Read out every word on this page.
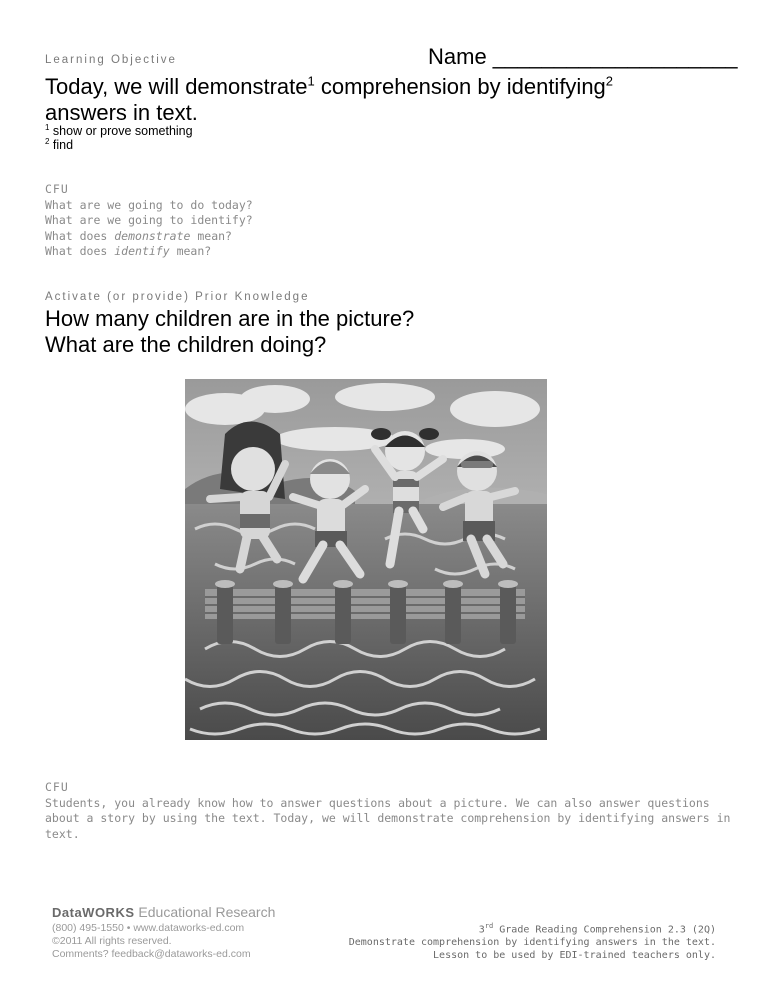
Learning Objective	Name ____________________
Today, we will demonstrate$^1$ comprehension by identifying$^2$
answers in text.
$^1$ show or prove something
$^2$ find
CFU
What are we going to do today?
What are we going to identify?
What does demonstrate mean?
What does identify mean?
Activate (or provide) Prior Knowledge
How many children are in the picture?
What are the children doing?
CFU
Students, you already know how to answer questions about a picture. We can also answer questions
about a story by using the text. Today, we will demonstrate comprehension by identifying answers in
text.
DataWORKS Educational Research
(800) 495-1550 • www.dataworks-ed.com
©2011 All rights reserved.
Comments? feedback@dataworks-ed.com
3rd Grade Reading Comprehension 2.3 (2Q)
Demonstrate comprehension by identifying answers in the text.
Lesson to be used by EDI-trained teachers only.
